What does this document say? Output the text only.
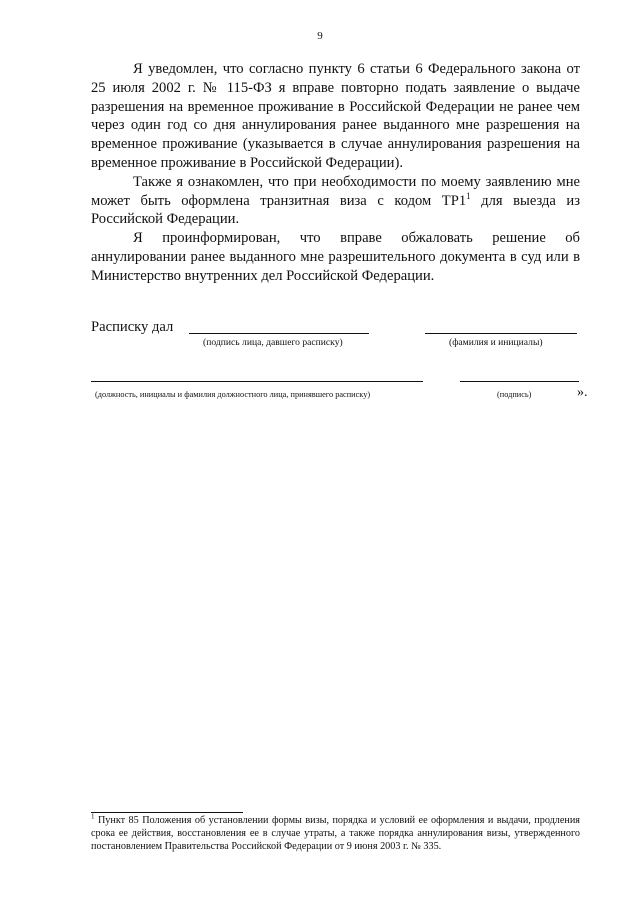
9

Я уведомлен, что согласно пункту 6 статьи 6 Федерального закона от 25 июля 2002 г. № 115-ФЗ я вправе повторно подать заявление о выдаче разрешения на временное проживание в Российской Федерации не ранее чем через один год со дня аннулирования ранее выданного мне разрешения на временное проживание (указывается в случае аннулирования разрешения на временное проживание в Российской Федерации).

Также я ознакомлен, что при необходимости по моему заявлению мне может быть оформлена транзитная виза с кодом $ТР1^1$ для выезда из Российской Федерации.

Я проинформирован, что вправе обжаловать решение об аннулировании ранее выданного мне разрешительного документа в суд или в Министерство внутренних дел Российской Федерации.

Расписку дал
(подпись лица, давшего расписку)	(фамилия и инициалы)
(должность, инициалы и фамилия должностного лица, принявшего расписку)	(подпись)	».
$^1$ Пункт 85 Положения об установлении формы визы, порядка и условий ее оформления и выдачи, продления срока ее действия, восстановления ее в случае утраты, а также порядка аннулирования визы, утвержденного постановлением Правительства Российской Федерации от 9 июня 2003 г. № 335.
